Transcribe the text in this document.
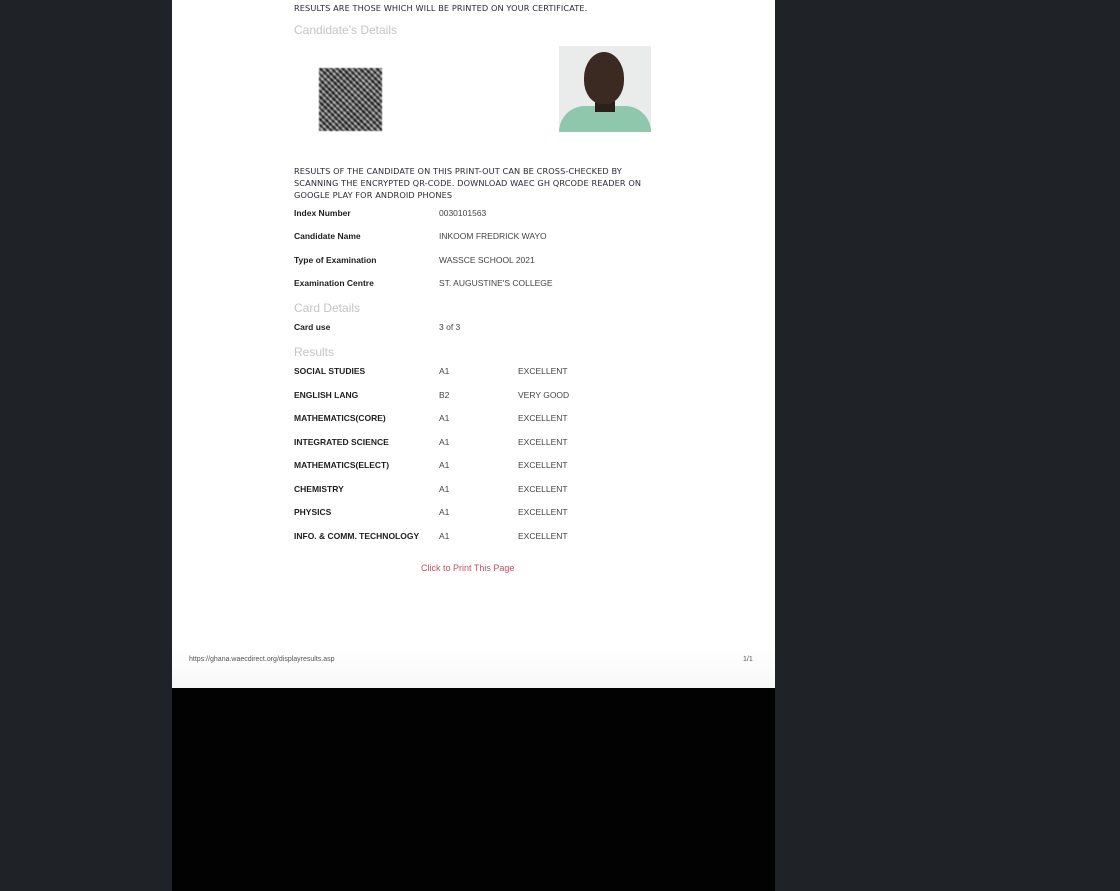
RESULTS ARE THOSE WHICH WILL BE PRINTED ON YOUR CERTIFICATE.
Candidate's Details
RESULTS OF THE CANDIDATE ON THIS PRINT-OUT CAN BE CROSS-CHECKED BY SCANNING THE ENCRYPTED QR-CODE. DOWNLOAD WAEC GH QRCODE READER ON GOOGLE PLAY FOR ANDROID PHONES
Index Number	0030101563
Candidate Name	INKOOM FREDRICK WAYO
Type of Examination	WASSCE SCHOOL 2021
Examination Centre	ST. AUGUSTINE'S COLLEGE
Card Details
Card use	3 of 3
Results
SOCIAL STUDIES	A1	EXCELLENT
ENGLISH LANG	B2	VERY GOOD
MATHEMATICS(CORE)	A1	EXCELLENT
INTEGRATED SCIENCE	A1	EXCELLENT
MATHEMATICS(ELECT)	A1	EXCELLENT
CHEMISTRY	A1	EXCELLENT
PHYSICS	A1	EXCELLENT
INFO. & COMM. TECHNOLOGY A1	EXCELLENT
Click to Print This Page
https://ghana.waecdirect.org/displayresults.asp	1/1
